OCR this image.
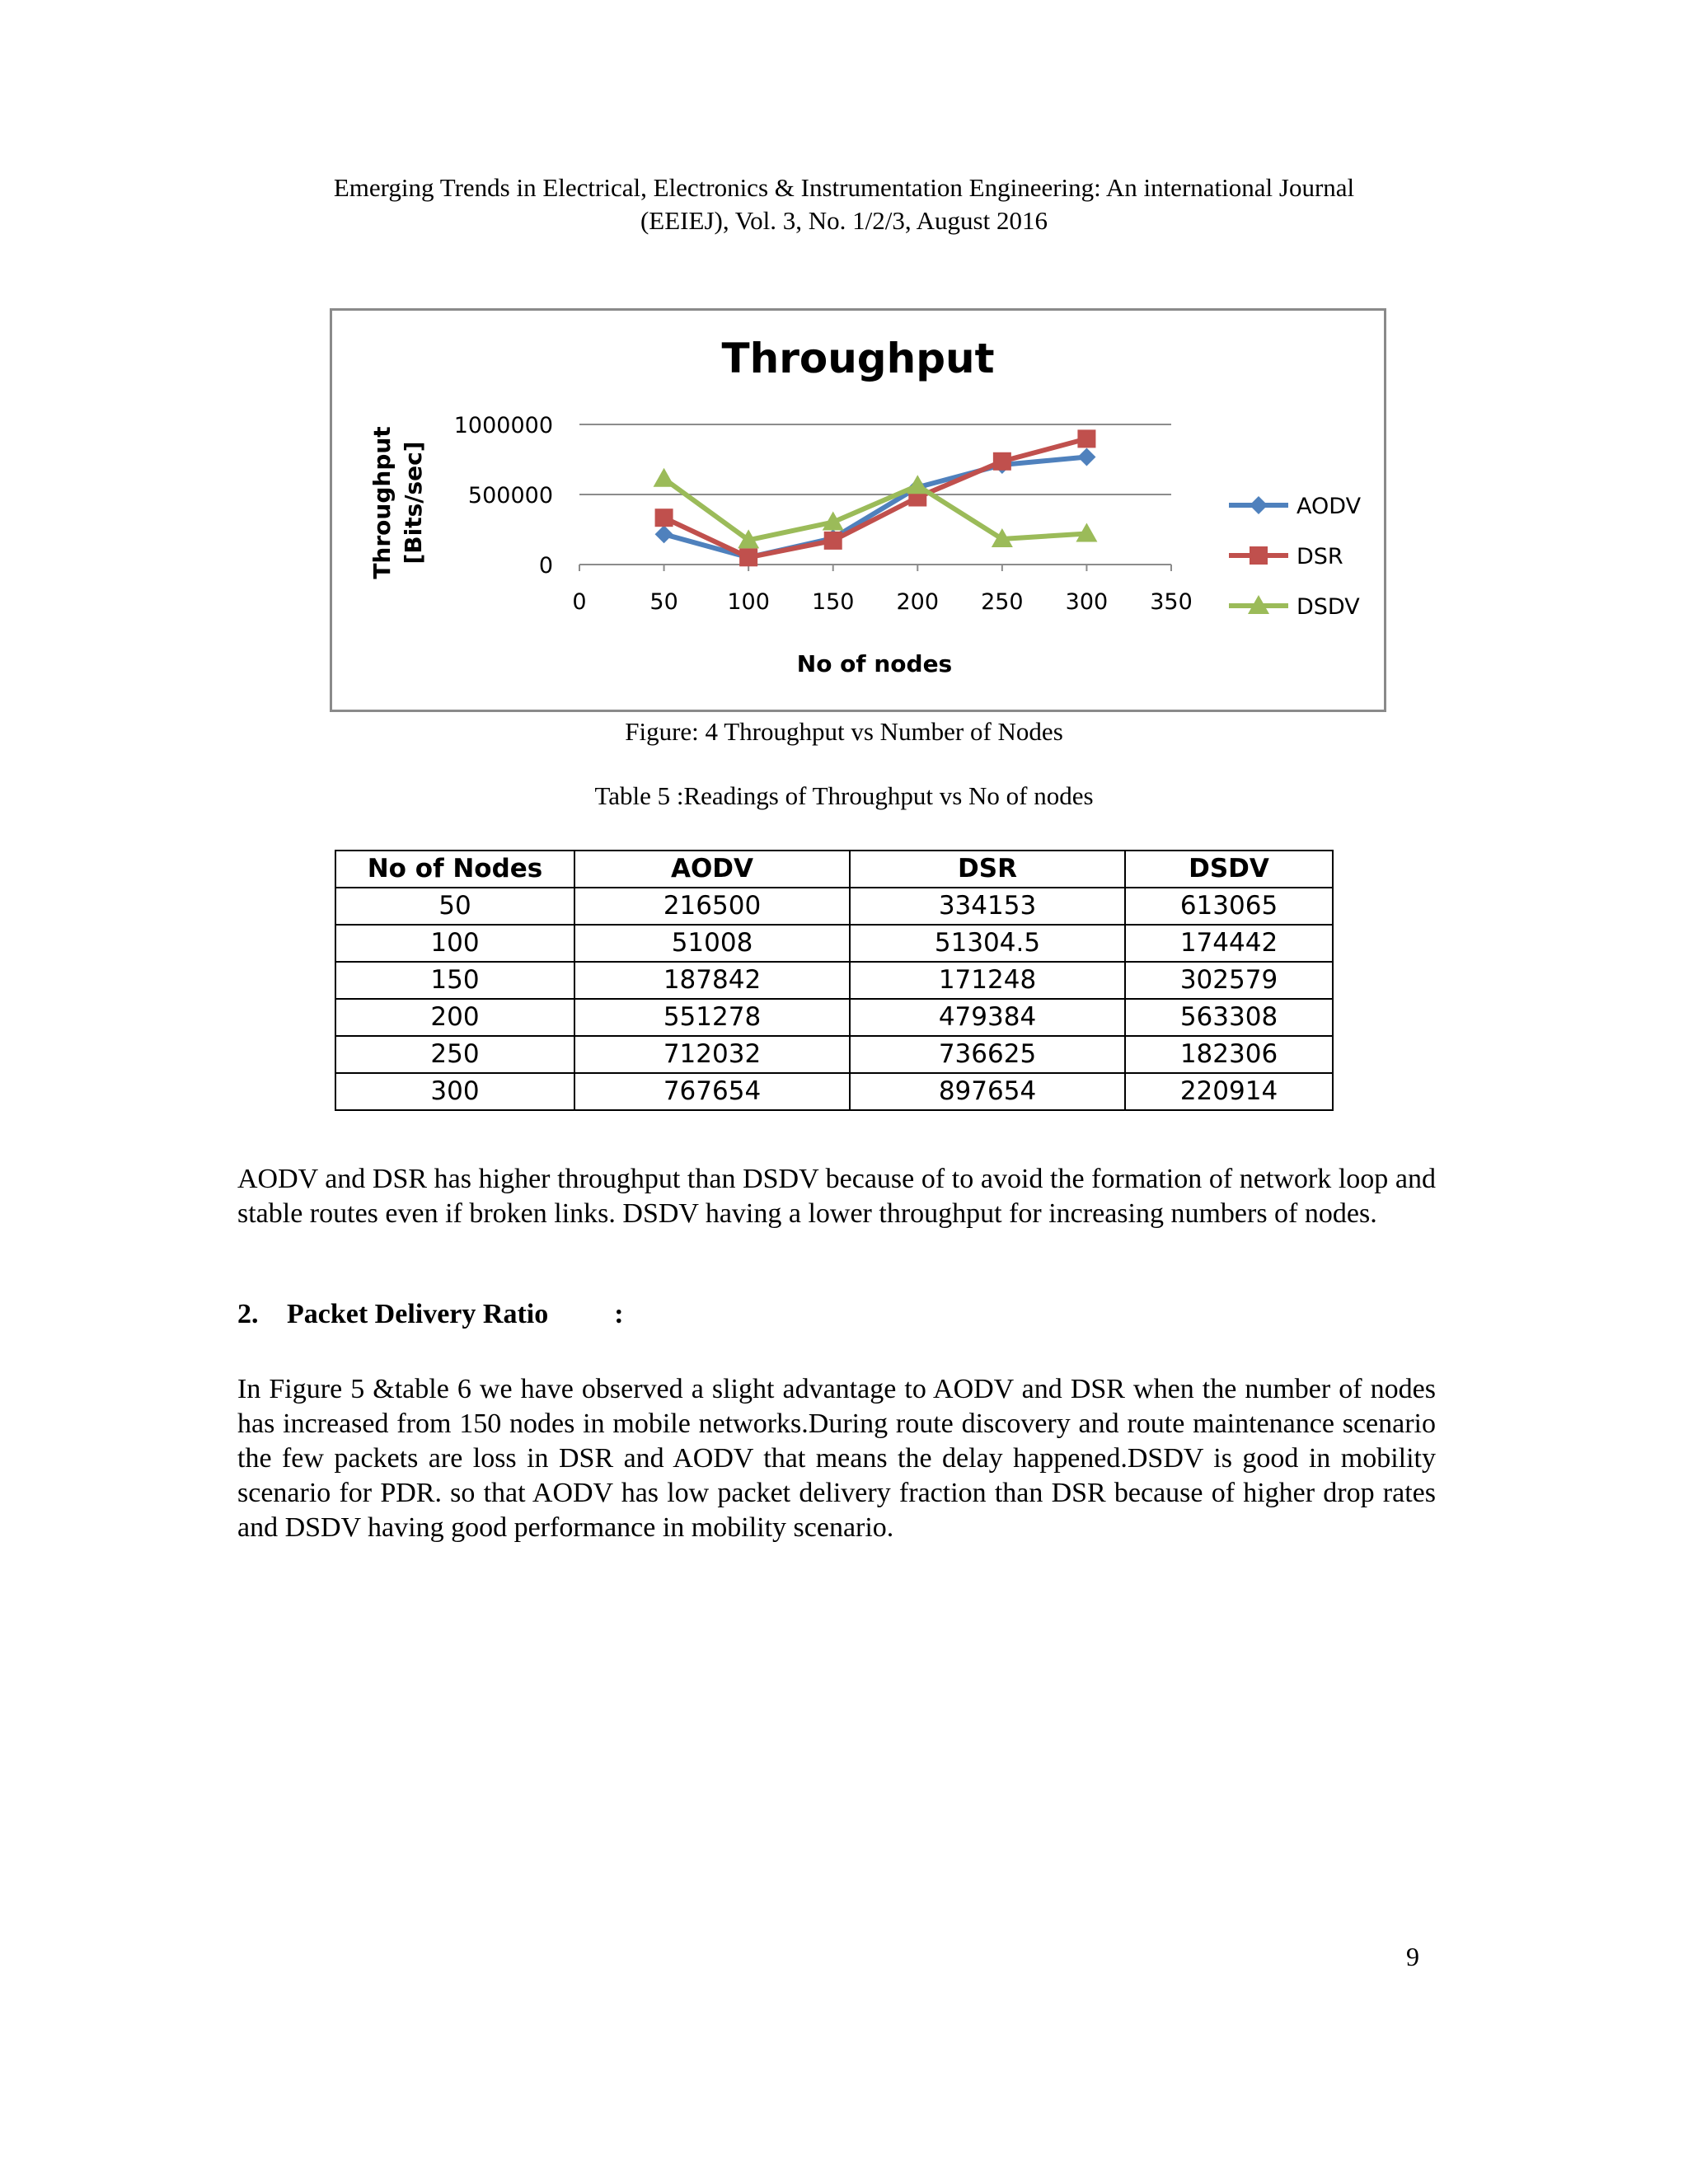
Emerging Trends in Electrical, Electronics & Instrumentation Engineering: An international Journal
(EEIEJ), Vol. 3, No. 1/2/3, August 2016
Throughput
0
500000
1000000
0	50 100 150 200 250 300 350
No of nodes
Throughput [Bits/sec]	AODV
DSR
DSDV
Figure: 4 Throughput vs Number of Nodes
Table 5 :Readings of Throughput vs No of nodes
No of Nodes	AODV	DSR	DSDV
50	216500	334153	613065
100	51008	51304.5	174442
150	187842	171248	302579
200	551278	479384	563308
250	712032	736625	182306
300	767654	897654	220914
AODV and DSR has higher throughput than DSDV because of to avoid the formation of network loop and stable routes even if broken links. DSDV having a lower throughput for increasing numbers of nodes.
2. Packet Delivery Ratio :
In Figure 5 &table 6 we have observed a slight advantage to AODV and DSR when the number of nodes has increased from 150 nodes in mobile networks.During route discovery and route maintenance scenario the few packets are loss in DSR and AODV that means the delay happened.DSDV is good in mobility scenario for PDR. so that AODV has low packet delivery fraction than DSR because of higher drop rates and DSDV having good performance in mobility scenario.
9
